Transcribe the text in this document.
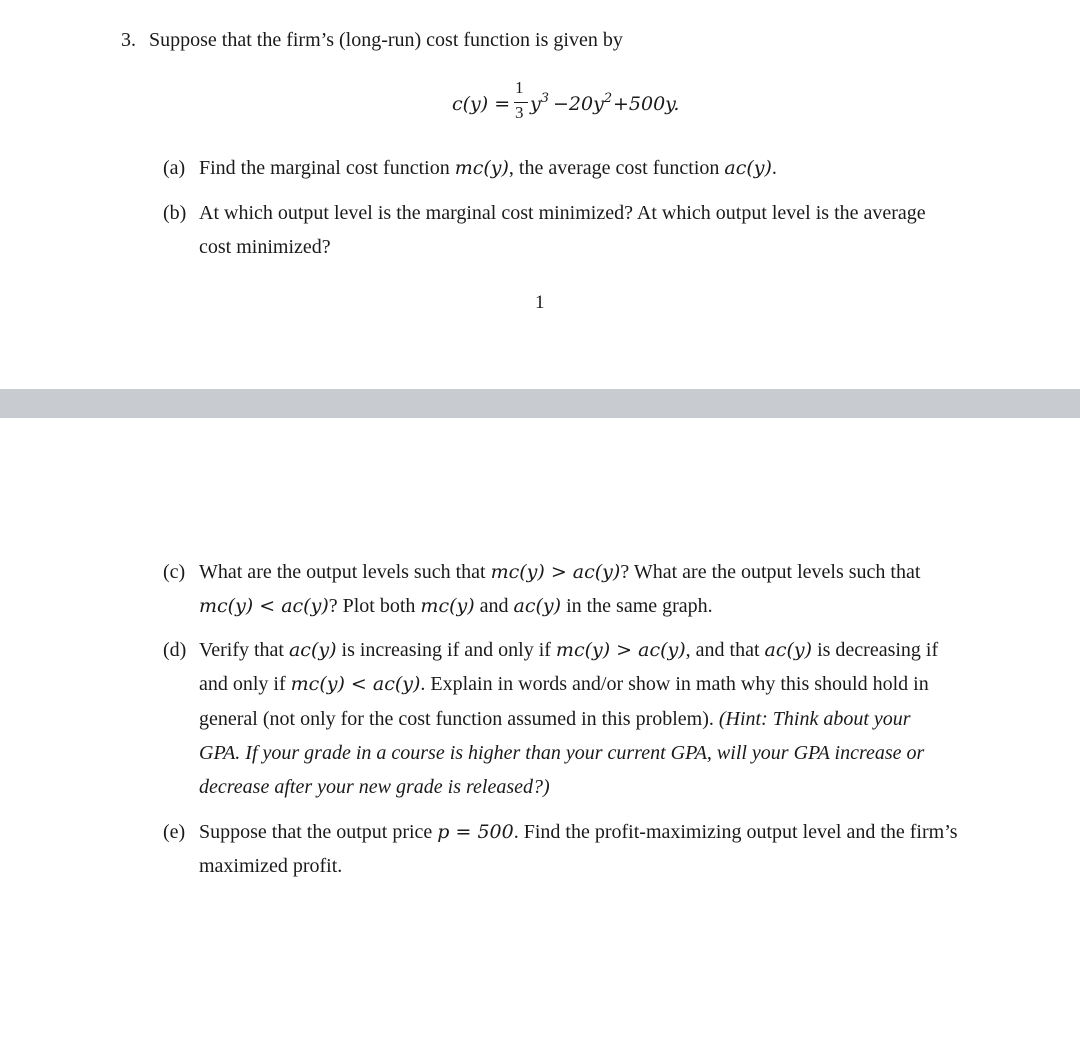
3. Suppose that the firm’s (long-run) cost function is given by
c(y) =
1
3 $y^3 -20y^2 +500y$.
(a) Find the marginal cost function mc(y), the average cost function ac(y).
(b) At which output level is the marginal cost minimized? At which output level is the average
cost minimized?
1
(c) What are the output levels such that mc(y) > ac(y)? What are the output levels such that
mc(y) < ac(y)? Plot both mc(y) and ac(y) in the same graph.
(d) Verify that ac(y) is increasing if and only if mc(y) > ac(y), and that ac(y) is decreasing if
and only if mc(y) < ac(y). Explain in words and/or show in math why this should hold in
general (not only for the cost function assumed in this problem). (Hint: Think about your
GPA. If your grade in a course is higher than your current GPA, will your GPA increase or
decrease after your new grade is released?)
(e) Suppose that the output price p = 500. Find the profit-maximizing output level and the firm’s
maximized profit.
